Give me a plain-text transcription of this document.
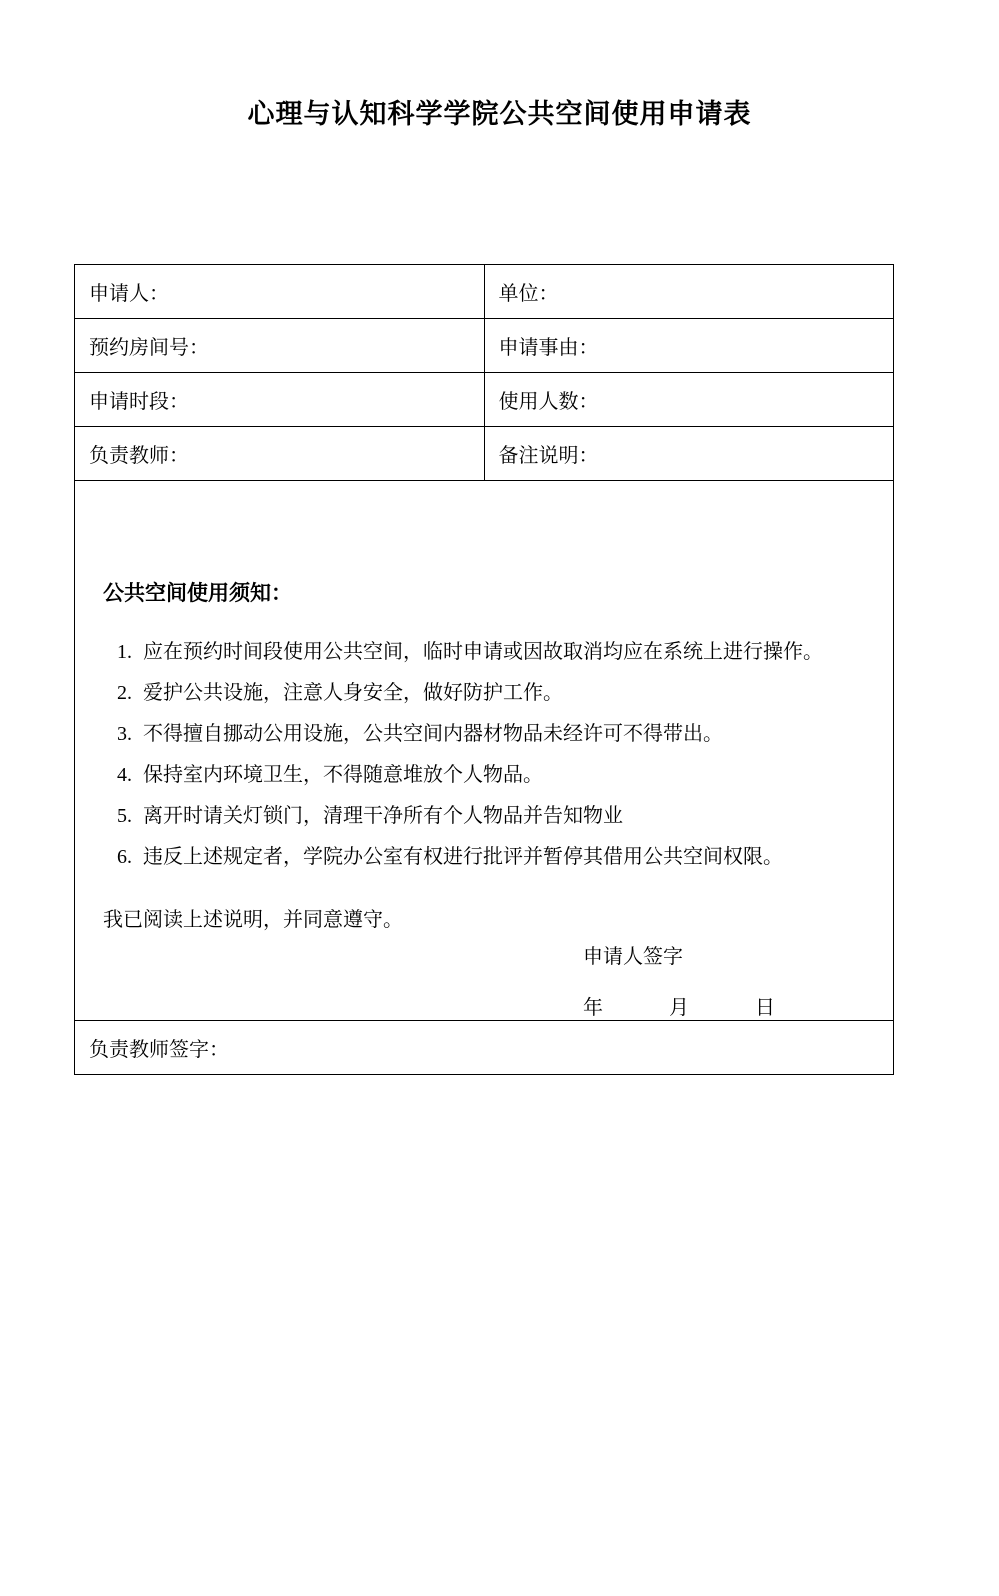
心理与认知科学学院公共空间使用申请表
申请人：	单位：
预约房间号：	申请事由：
申请时段：	使用人数：
负责教师：	备注说明：

公共空间使用须知：
1. 应在预约时间段使用公共空间，临时申请或因故取消均应在系统上进行操作。
2. 爱护公共设施，注意人身安全，做好防护工作。
3. 不得擅自挪动公用设施，公共空间内器材物品未经许可不得带出。
4. 保持室内环境卫生，不得随意堆放个人物品。
5. 离开时请关灯锁门，清理干净所有个人物品并告知物业
6. 违反上述规定者，学院办公室有权进行批评并暂停其借用公共空间权限。
我已阅读上述说明，并同意遵守。
申请人签字
年	月	日

负责教师签字：	
